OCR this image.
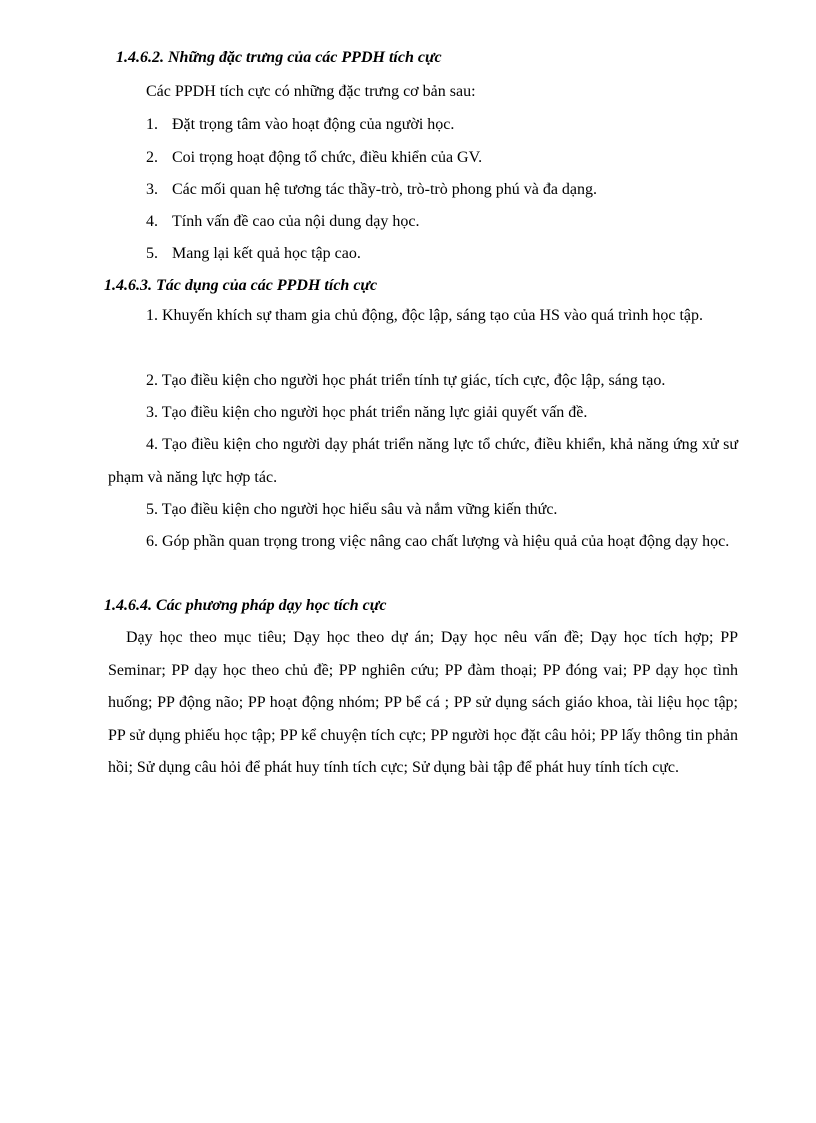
1.4.6.2. Những đặc trưng của các PPDH tích cực

Các PPDH tích cực có những đặc trưng cơ bản sau:

1. Đặt trọng tâm vào hoạt động của người học.

2. Coi trọng hoạt động tổ chức, điều khiển của GV.

3. Các mối quan hệ tương tác thầy-trò, trò-trò phong phú và đa dạng.

4. Tính vấn đề cao của nội dung dạy học.

5. Mang lại kết quả học tập cao.

1.4.6.3. Tác dụng của các PPDH tích cực

1. Khuyến khích sự tham gia chủ động, độc lập, sáng tạo của HS vào quá trình học tập.

2. Tạo điều kiện cho người học phát triển tính tự giác, tích cực, độc lập, sáng tạo.

3. Tạo điều kiện cho người học phát triển năng lực giải quyết vấn đề.

4. Tạo điều kiện cho người dạy phát triển năng lực tổ chức, điều khiển, khả năng ứng xử sư phạm và năng lực hợp tác.

5. Tạo điều kiện cho người học hiểu sâu và nắm vững kiến thức.

6. Góp phần quan trọng trong việc nâng cao chất lượng và hiệu quả của hoạt động dạy học.

1.4.6.4. Các phương pháp dạy học tích cực

Dạy học theo mục tiêu; Dạy học theo dự án; Dạy học nêu vấn đề; Dạy học tích hợp; PP Seminar; PP dạy học theo chủ đề; PP nghiên cứu; PP đàm thoại; PP đóng vai; PP dạy học tình huống; PP động não; PP hoạt động nhóm; PP bể cá ; PP sử dụng sách giáo khoa, tài liệu học tập; PP sử dụng phiếu học tập; PP kể chuyện tích cực; PP người học đặt câu hỏi; PP lấy thông tin phản hồi; Sử dụng câu hỏi để phát huy tính tích cực; Sử dụng bài tập để phát huy tính tích cực.
